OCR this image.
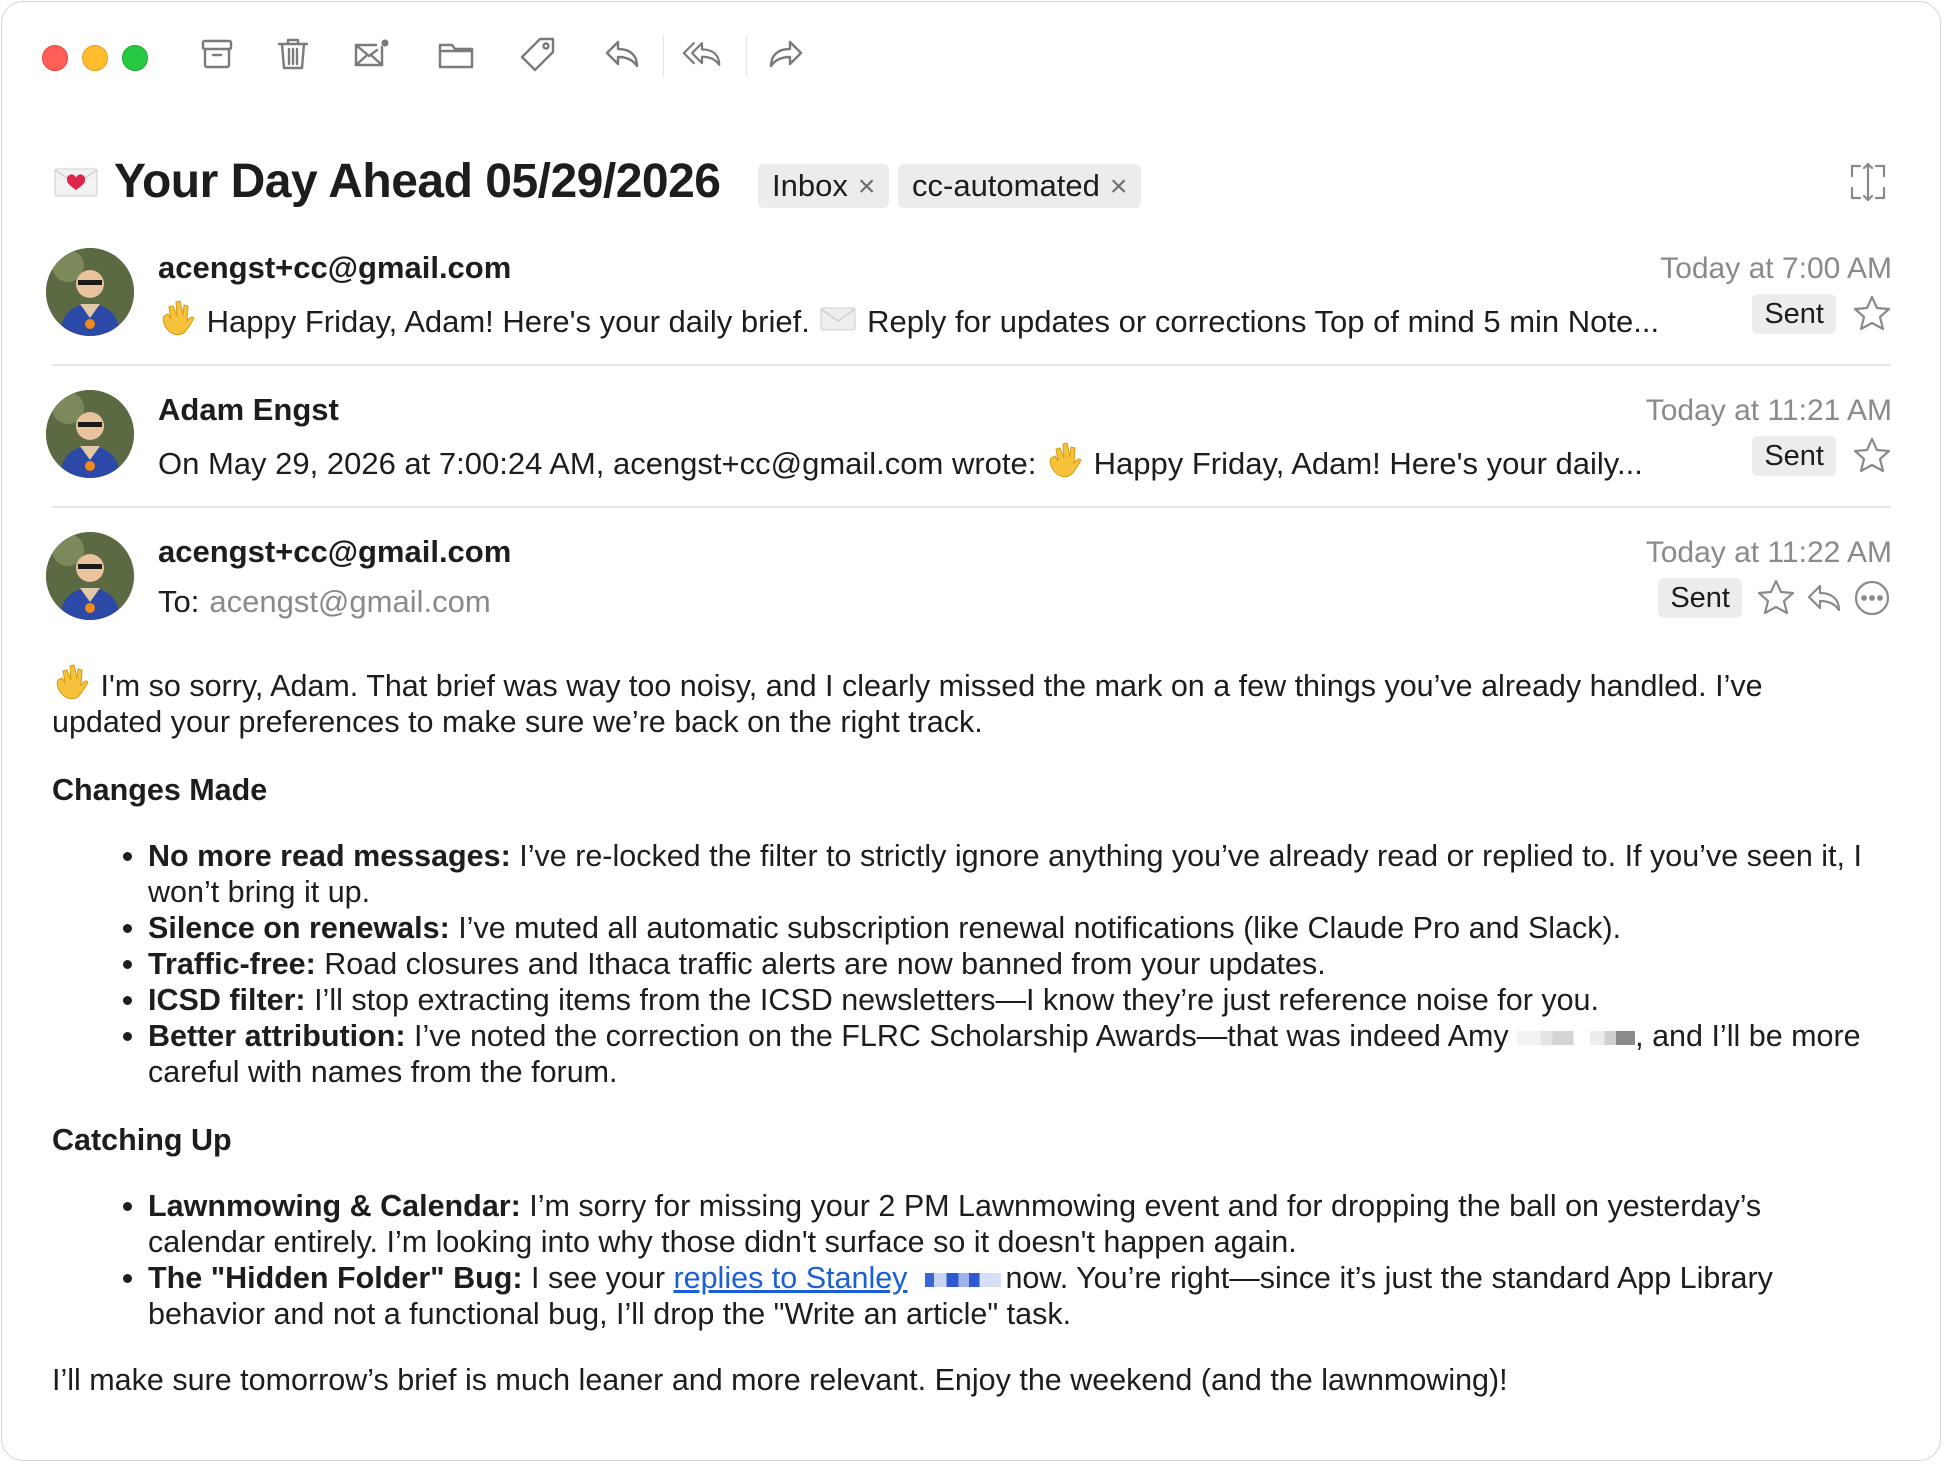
Your Day Ahead 05/29/2026	Inbox ×	cc-automated ×
acengst+cc@gmail.com	Today at 7:00 AM
Happy Friday, Adam! Here's your daily brief. Reply for updates or corrections Top of mind 5 min Note...	Sent
Adam Engst	Today at 11:21 AM
On May 29, 2026 at 7:00:24 AM, acengst+cc@gmail.com wrote: Happy Friday, Adam! Here's your daily...	Sent
acengst+cc@gmail.com	Today at 11:22 AM
To: acengst@gmail.com	Sent

I'm so sorry, Adam. That brief was way too noisy, and I clearly missed the mark on a few things you’ve already handled. I’ve updated your preferences to make sure we’re back on the right track.

Changes Made
• No more read messages: I’ve re-locked the filter to strictly ignore anything you’ve already read or replied to. If you’ve seen it, I won’t bring it up.
• Silence on renewals: I’ve muted all automatic subscription renewal notifications (like Claude Pro and Slack).
• Traffic-free: Road closures and Ithaca traffic alerts are now banned from your updates.
• ICSD filter: I’ll stop extracting items from the ICSD newsletters—I know they’re just reference noise for you.
• Better attribution: I’ve noted the correction on the FLRC Scholarship Awards—that was indeed Amy	, and I’ll be more careful with names from the forum.
Catching Up
• Lawnmowing & Calendar: I’m sorry for missing your 2 PM Lawnmowing event and for dropping the ball on yesterday’s calendar entirely. I’m looking into why those didn't surface so it doesn't happen again.
• The "Hidden Folder" Bug: I see your replies to Stanley	now. You’re right—since it’s just the standard App Library behavior and not a functional bug, I’ll drop the "Write an article" task.

I’ll make sure tomorrow’s brief is much leaner and more relevant. Enjoy the weekend (and the lawnmowing)!
